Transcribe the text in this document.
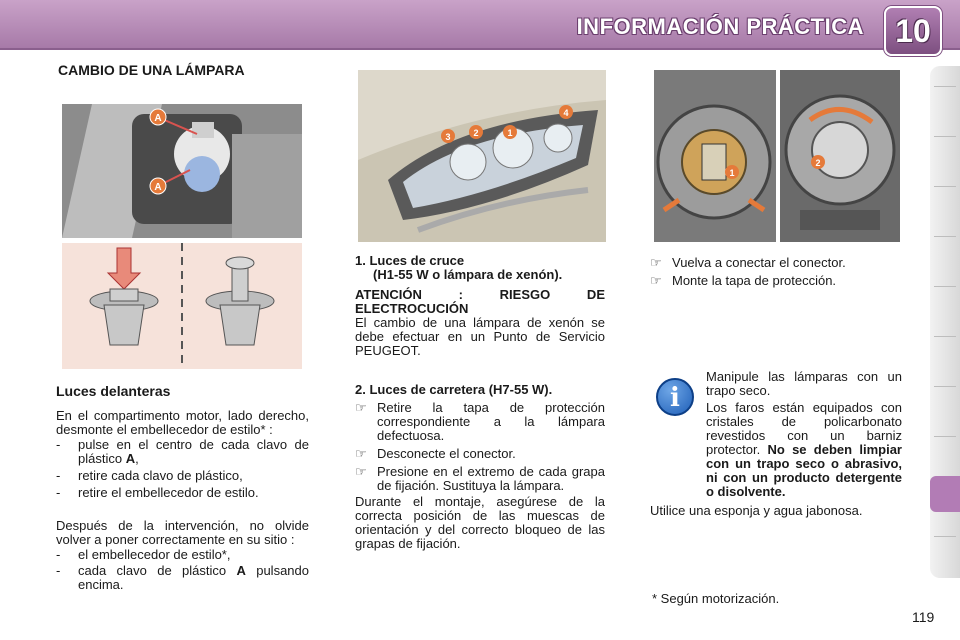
INFORMACIÓN PRÁCTICA 10
CAMBIO DE UNA LÁMPARA
A
A
Luces delanteras

En el compartimento motor, lado derecho, desmonte el embellecedor de estilo* :

- pulse en el centro de cada clavo de plástico A,
- retire cada clavo de plástico,
- retire el embellecedor de estilo.

Después de la intervención, no olvide volver a poner correctamente en su sitio :

- el embellecedor de estilo*,
- cada clavo de plástico A pulsando encima.
3	2	1
4

1. Luces de cruce

(H1-55 W o lámpara de xenón).

ATENCIÓN : RIESGO DE ELECTROCUCIÓN

El cambio de una lámpara de xenón se debe efectuar en un Punto de Servicio PEUGEOT.

2. Luces de carretera (H7-55 W).

☞ Retire la tapa de protección correspondiente a la lámpara defectuosa.
☞ Desconecte el conector.
☞ Presione en el extremo de cada grapa de fijación. Sustituya la lámpara.

Durante el montaje, asegúrese de la correcta posición de las muescas de orientación y del correcto bloqueo de las grapas de fijación.

1
2
☞ Vuelva a conectar el conector.
☞ Monte la tapa de protección.
i

Manipule las lámparas con un trapo seco.

Los faros están equipados con cristales de policarbonato revestidos con un barniz protector. No se deben limpiar con un trapo seco o abrasivo, ni con un producto detergente o disolvente.

Utilice una esponja y agua jabonosa.

* Según motorización.
119
